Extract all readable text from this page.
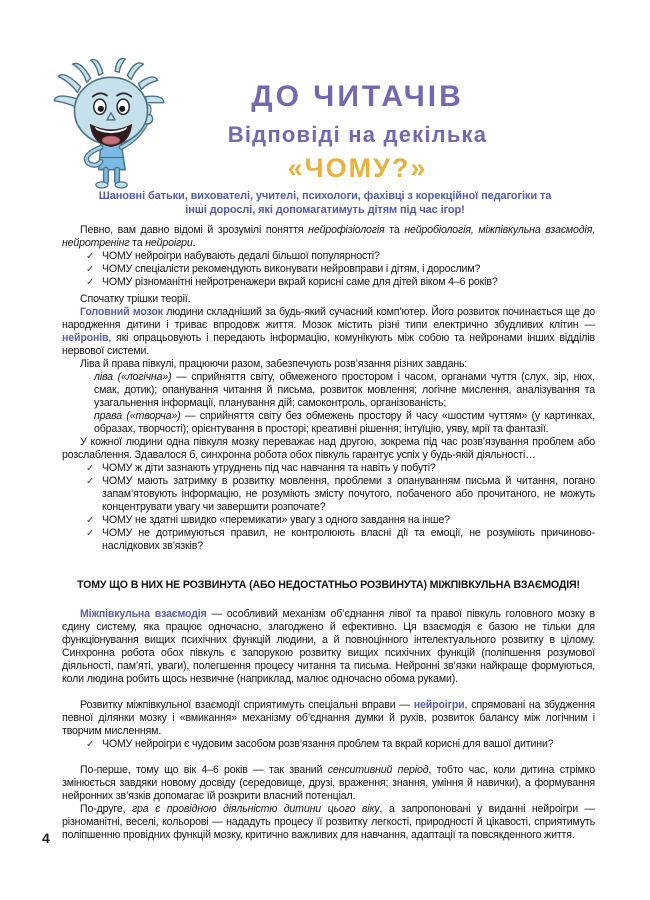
ДО ЧИТАЧІВ
Відповіді на декілька
«ЧОМУ?»
Шановні батьки, вихователі, учителі, психологи, фахівці з корекційної педагогіки та інші дорослі, які допомагатимуть дітям під час ігор!
Певно, вам давно відомі й зрозумілі поняття нейрофізіологія та нейробіологія, міжпівкульна взаємодія, нейротренінг та нейроігри.
✓ ЧОМУ нейроігри набувають дедалі більшої популярності?
✓ ЧОМУ спеціалісти рекомендують виконувати нейровправи і дітям, і дорослим?
✓ ЧОМУ різноманітні нейротренажери вкрай корисні саме для дітей віком 4–6 років?
Спочатку трішки теорії.
Головний мозок людини складніший за будь-який сучасний комп’ютер. Його розвиток починається ще до народження дитини і триває впродовж життя. Мозок містить різні типи електрично збудливих клітин — нейронів, які опрацьовують і передають інформацію, комунікують між собою та нейронами інших відділів нервової системи.
Ліва й права півкулі, працюючи разом, забезпечують розв’язання різних завдань:
ліва («логічна») — сприйняття світу, обмеженого простором і часом, органами чуття (слух, зір, нюх, смак, дотик); опанування читання й письма, розвиток мовлення; логічне мислення, аналізування та узагальнення інформації, планування дій; самоконтроль, організованість;
права («творча») — сприйняття світу без обмежень простору й часу «шостим чуттям» (у картинках, образах, творчості); орієнтування в просторі; креативні рішення; інтуїцію, уяву, мрії та фантазії.
У кожної людини одна півкуля мозку переважає над другою, зокрема під час розв’язування проблем або розслаблення. Здавалося б, синхронна робота обох півкуль гарантує успіх у будь-якій діяльності…
✓ ЧОМУ ж діти зазнають утруднень під час навчання та навіть у побуті?
✓ ЧОМУ мають затримку в розвитку мовлення, проблеми з опануванням письма й читання, погано запам’ятовують інформацію, не розуміють змісту почутого, побаченого або прочитаного, не можуть концентрувати увагу чи завершити розпочате?
✓ ЧОМУ не здатні швидко «перемикати» увагу з одного завдання на інше?
✓ ЧОМУ не дотримуються правил, не контролюють власні дії та емоції, не розуміють причиново-наслідкових зв’язків?
ТОМУ ЩО В НИХ НЕ РОЗВИНУТА (АБО НЕДОСТАТНЬО РОЗВИНУТА) МІЖПІВКУЛЬНА ВЗАЄМОДІЯ!
Міжпівкульна взаємодія — особливий механізм об’єднання лівої та правої півкуль головного мозку в єдину систему, яка працює одночасно, злагоджено й ефективно. Ця взаємодія є базою не тільки для функціонування вищих психічних функцій людини, а й повноцінного інтелектуального розвитку в цілому. Синхронна робота обох півкуль є запорукою розвитку вищих психічних функцій (поліпшення розумової діяльності, пам’яті, уваги), полегшення процесу читання та письма. Нейронні зв’язки найкраще формуються, коли людина робить щось незвичне (наприклад, малює одночасно обома руками).
Розвитку міжпівкульної взаємодії сприятимуть спеціальні вправи — нейроігри, спрямовані на збудження певної ділянки мозку і «вмикання» механізму об’єднання думки й рухів, розвиток балансу між логічним і творчим мисленням.
✓ ЧОМУ нейроігри є чудовим засобом розв’язання проблем та вкрай корисні для вашої дитини?
По-перше, тому що вік 4–6 років — так званий сенситивний період, тобто час, коли дитина стрімко змінюється завдяки новому досвіду (середовище, друзі, враження; знання, уміння й навички), а формування нейронних зв’язків допомагає їй розкрити власний потенціал.
По-друге, гра є провідною діяльністю дитини цього віку, а запропоновані у виданні нейроігри — різноманітні, веселі, кольорові — нададуть процесу її розвитку легкості, природності й цікавості, сприятимуть поліпшенню провідних функцій мозку, критично важливих для навчання, адаптації та повсякденного життя.
4
